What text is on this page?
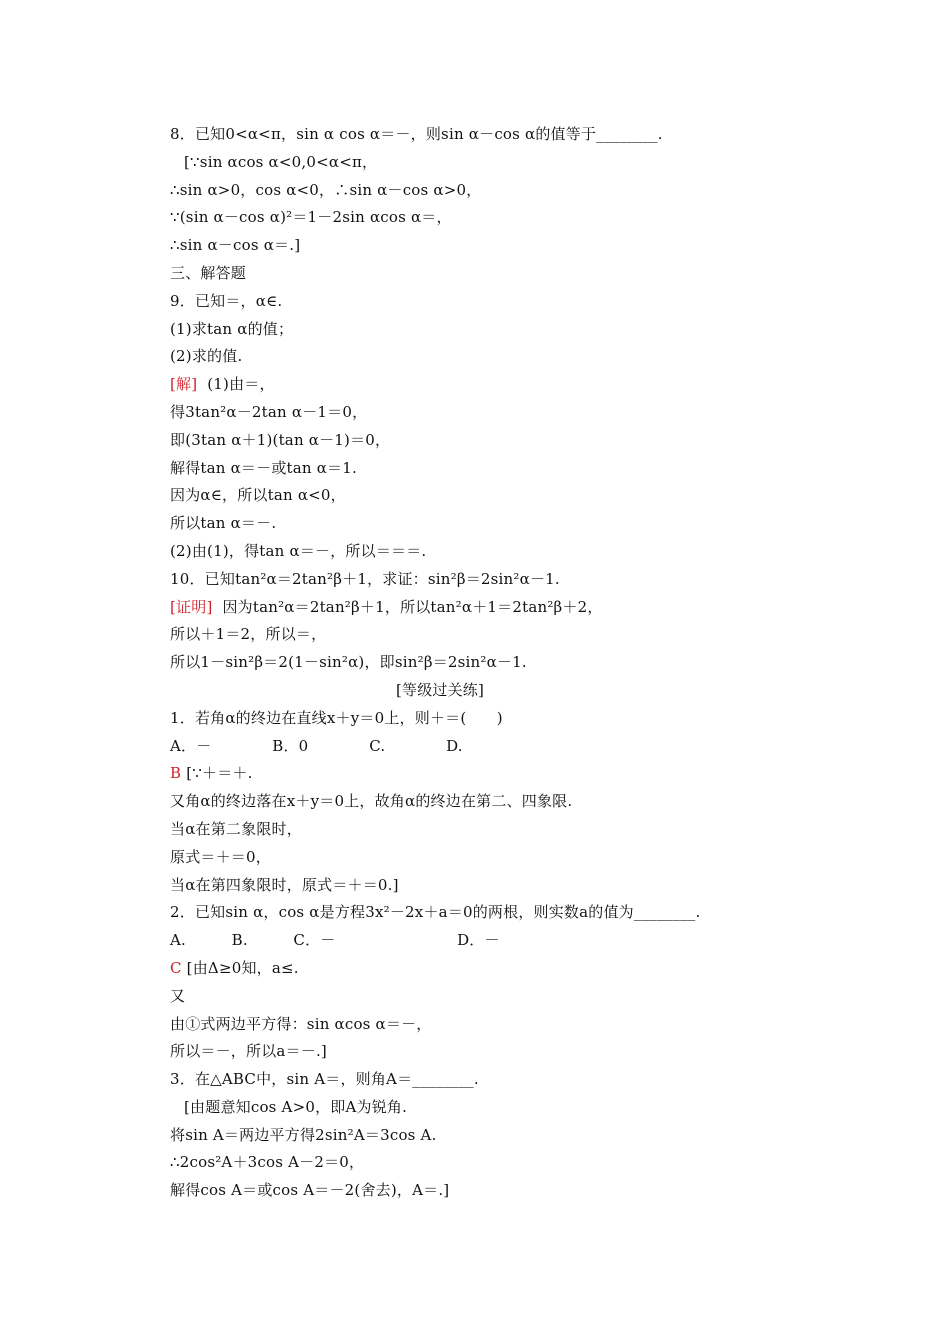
8．已知0<α<π，sin α cos α＝－，则sin α－cos α的值等于________.
[∵sin αcos α<0,0<α<π，
∴sin α>0，cos α<0，∴sin α－cos α>0，
∵(sin α－cos α)²＝1－2sin αcos α＝，
∴sin α－cos α＝.]
三、解答题
9．已知＝，α∈.
(1)求tan α的值；
(2)求的值.
[解]  (1)由＝，
得3tan²α－2tan α－1＝0，
即(3tan α＋1)(tan α－1)＝0，
解得tan α＝－或tan α＝1.
因为α∈，所以tan α<0，
所以tan α＝－.
(2)由(1)，得tan α＝－，所以＝＝＝.
10．已知tan²α＝2tan²β＋1，求证：sin²β＝2sin²α－1.
[证明]  因为tan²α＝2tan²β＋1，所以tan²α＋1＝2tan²β＋2，
所以＋1＝2，所以＝，
所以1－sin²β＝2(1－sin²α)，即sin²β＝2sin²α－1.
[等级过关练]
1．若角α的终边在直线x＋y＝0上，则＋＝(　　)
A．－　　　　B．0　　　　C.　　　　D.
B [∵＋＝＋.
又角α的终边落在x＋y＝0上，故角α的终边在第二、四象限.
当α在第二象限时，
原式＝＋＝0，
当α在第四象限时，原式＝＋＝0.]
2．已知sin α，cos α是方程3x²－2x＋a＝0的两根，则实数a的值为________.
A.　　　B.　　　C．－　　　　　　　　D．－
C [由Δ≥0知，a≤.
又
由①式两边平方得：sin αcos α＝－，
所以＝－，所以a＝－.]
3．在△ABC中，sin A＝，则角A＝________.
[由题意知cos A>0，即A为锐角.
将sin A＝两边平方得2sin²A＝3cos A.
∴2cos²A＋3cos A－2＝0，
解得cos A＝或cos A＝－2(舍去)，A＝.]
